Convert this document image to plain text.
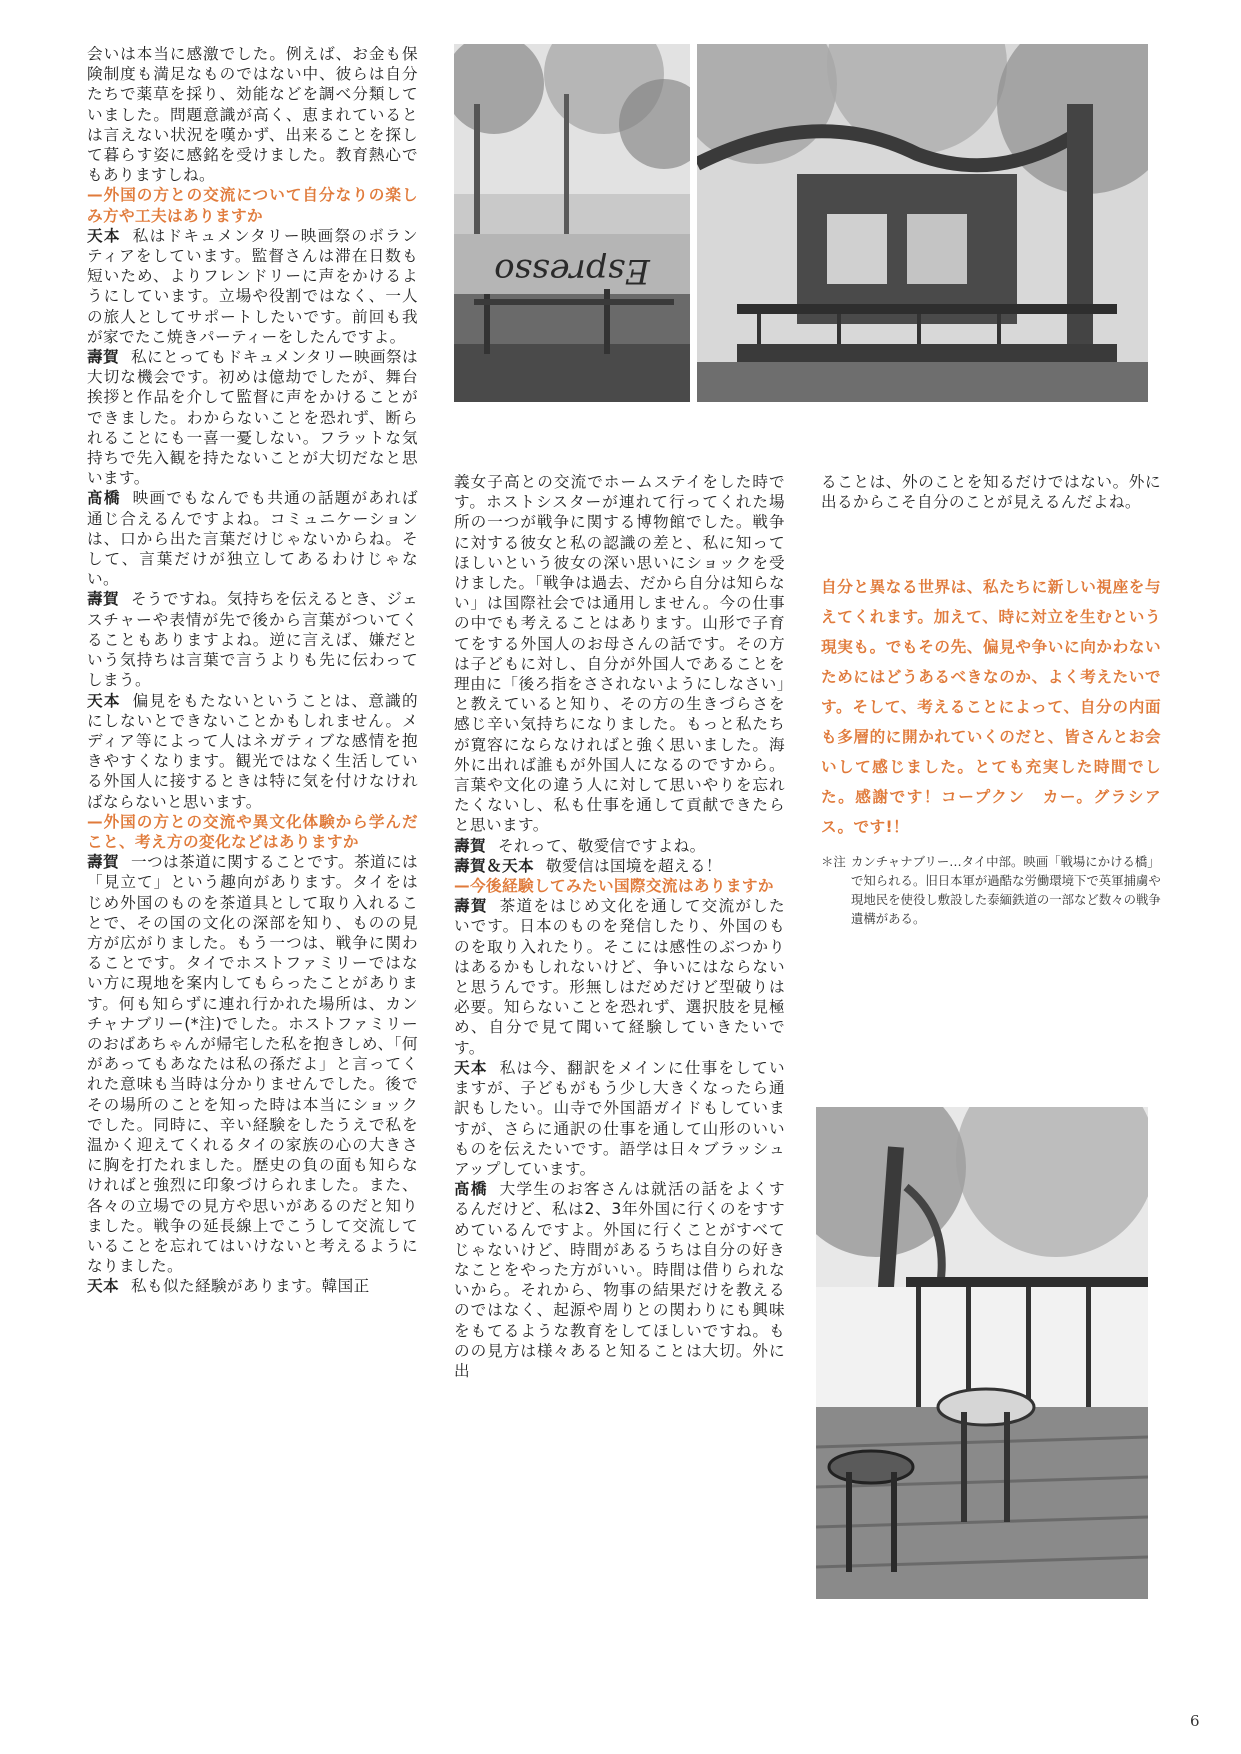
Espresso

会いは本当に感激でした。例えば、お金も保険制度も満足なものではない中、彼らは自分たちで薬草を採り、効能などを調べ分類していました。問題意識が高く、恵まれているとは言えない状況を嘆かず、出来ることを探して暮らす姿に感銘を受けました。教育熱心でもありますしね。

—外国の方との交流について自分なりの楽しみ方や工夫はありますか

天本 私はドキュメンタリー映画祭のボランティアをしています。監督さんは滞在日数も短いため、よりフレンドリーに声をかけるようにしています。立場や役割ではなく、一人の旅人としてサポートしたいです。前回も我が家でたこ焼きパーティーをしたんですよ。

壽賀 私にとってもドキュメンタリー映画祭は大切な機会です。初めは億劫でしたが、舞台挨拶と作品を介して監督に声をかけることができました。わからないことを恐れず、断られることにも一喜一憂しない。フラットな気持ちで先入観を持たないことが大切だなと思います。

髙橋 映画でもなんでも共通の話題があれば通じ合えるんですよね。コミュニケーションは、口から出た言葉だけじゃないからね。そして、言葉だけが独立してあるわけじゃない。

壽賀 そうですね。気持ちを伝えるとき、ジェスチャーや表情が先で後から言葉がついてくることもありますよね。逆に言えば、嫌だという気持ちは言葉で言うよりも先に伝わってしまう。

天本 偏見をもたないということは、意識的にしないとできないことかもしれません。メディア等によって人はネガティブな感情を抱きやすくなります。観光ではなく生活している外国人に接するときは特に気を付けなければならないと思います。

—外国の方との交流や異文化体験から学んだこと、考え方の変化などはありますか

壽賀 一つは茶道に関することです。茶道には「見立て」という趣向があります。タイをはじめ外国のものを茶道具として取り入れることで、その国の文化の深部を知り、ものの見方が広がりました。もう一つは、戦争に関わることです。タイでホストファミリーではない方に現地を案内してもらったことがあります。何も知らずに連れ行かれた場所は、カンチャナブリー(*注)でした。ホストファミリーのおばあちゃんが帰宅した私を抱きしめ、「何があってもあなたは私の孫だよ」と言ってくれた意味も当時は分かりませんでした。後でその場所のことを知った時は本当にショックでした。同時に、辛い経験をしたうえで私を温かく迎えてくれるタイの家族の心の大きさに胸を打たれました。歴史の負の面も知らなければと強烈に印象づけられました。また、各々の立場での見方や思いがあるのだと知りました。戦争の延長線上でこうして交流していることを忘れてはいけないと考えるようになりました。

天本 私も似た経験があります。韓国正

義女子高との交流でホームステイをした時です。ホストシスターが連れて行ってくれた場所の一つが戦争に関する博物館でした。戦争に対する彼女と私の認識の差と、私に知ってほしいという彼女の深い思いにショックを受けました。「戦争は過去、だから自分は知らない」は国際社会では通用しません。今の仕事の中でも考えることはあります。山形で子育てをする外国人のお母さんの話です。その方は子どもに対し、自分が外国人であることを理由に「後ろ指をさされないようにしなさい」と教えていると知り、その方の生きづらさを感じ辛い気持ちになりました。もっと私たちが寛容にならなければと強く思いました。海外に出れば誰もが外国人になるのですから。言葉や文化の違う人に対して思いやりを忘れたくないし、私も仕事を通して貢献できたらと思います。

壽賀 それって、敬愛信ですよね。

壽賀＆天本 敬愛信は国境を超える！

—今後経験してみたい国際交流はありますか

壽賀 茶道をはじめ文化を通して交流がしたいです。日本のものを発信したり、外国のものを取り入れたり。そこには感性のぶつかりはあるかもしれないけど、争いにはならないと思うんです。形無しはだめだけど型破りは必要。知らないことを恐れず、選択肢を見極め、自分で見て聞いて経験していきたいです。

天本 私は今、翻訳をメインに仕事をしていますが、子どもがもう少し大きくなったら通訳もしたい。山寺で外国語ガイドもしていますが、さらに通訳の仕事を通して山形のいいものを伝えたいです。語学は日々ブラッシュアップしています。

髙橋 大学生のお客さんは就活の話をよくするんだけど、私は2、3年外国に行くのをすすめているんですよ。外国に行くことがすべてじゃないけど、時間があるうちは自分の好きなことをやった方がいい。時間は借りられないから。それから、物事の結果だけを教えるのではなく、起源や周りとの関わりにも興味をもてるような教育をしてほしいですね。ものの見方は様々あると知ることは大切。外に出

ることは、外のことを知るだけではない。外に出るからこそ自分のことが見えるんだよね。

自分と異なる世界は、私たちに新しい視座を与えてくれます。加えて、時に対立を生むという現実も。でもその先、偏見や争いに向かわないためにはどうあるべきなのか、よく考えたいです。そして、考えることによって、自分の内面も多層的に開かれていくのだと、皆さんとお会いして感じました。とても充実した時間でした。感謝です！コープクン　カー。グラシアス。です!！
＊注 カンチャナブリー…タイ中部。映画「戦場にかける橋」で知られる。旧日本軍が過酷な労働環境下で英軍捕虜や現地民を使役し敷設した泰緬鉄道の一部など数々の戦争遺構がある。
6
